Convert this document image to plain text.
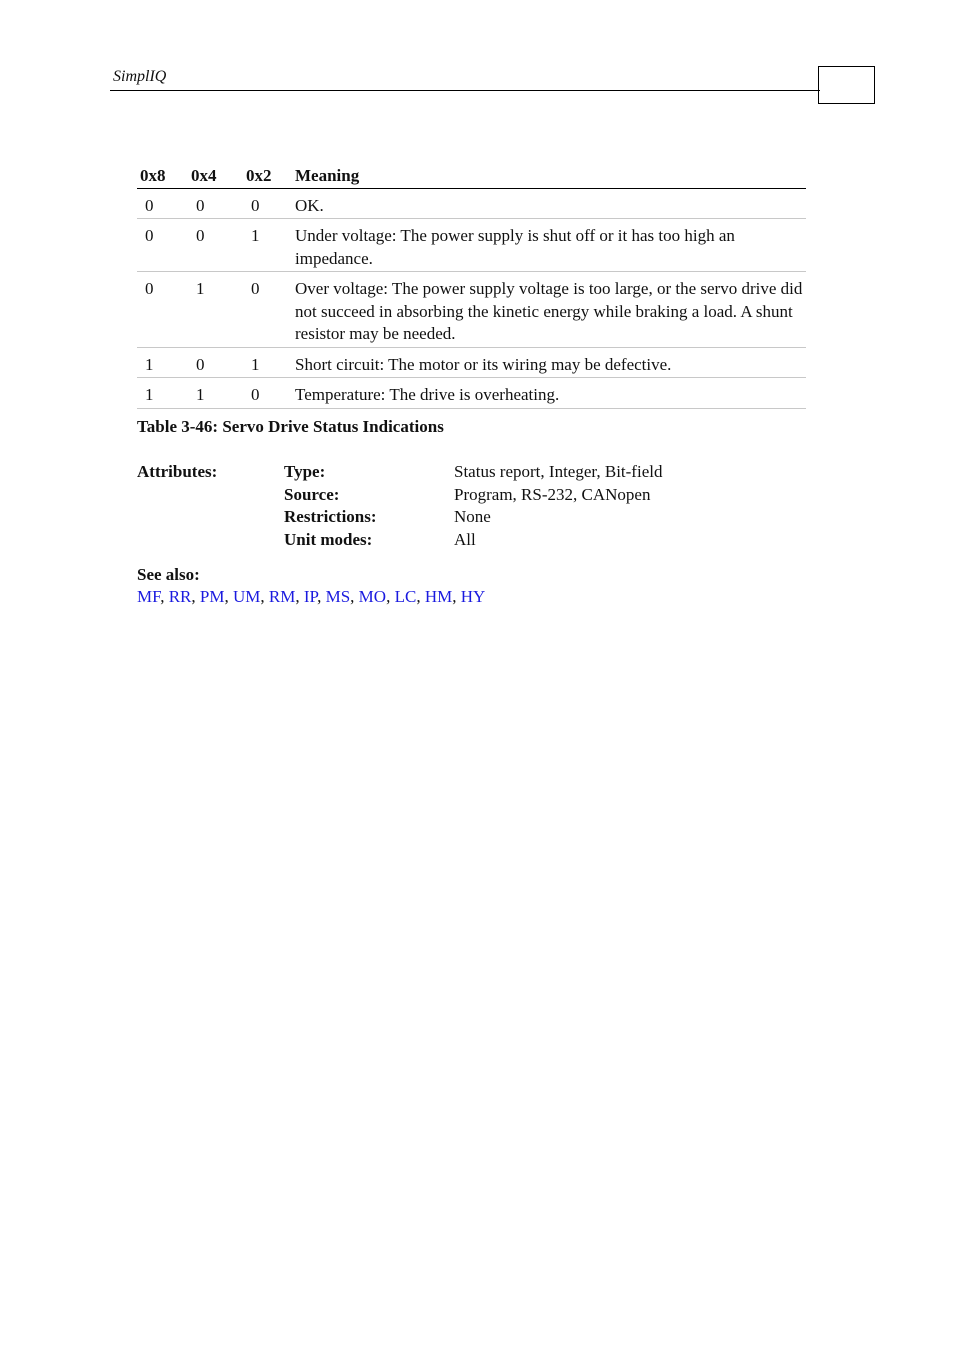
SimplIQ
0x8	0x4	0x2	Meaning
0	0	0	OK.
0	0	1	Under voltage: The power supply is shut off or it has too high an impedance.
0	1	0	Over voltage: The power supply voltage is too large, or the servo drive did not succeed in absorbing the kinetic energy while braking a load. A shunt resistor may be needed.
1	0	1	Short circuit: The motor or its wiring may be defective.
1	1	0	Temperature: The drive is overheating.
Table 3-46: Servo Drive Status Indications
Attributes:	Type:	Status report, Integer, Bit-field
Source:	Program, RS-232, CANopen
Restrictions:	None
Unit modes:	All
See also:
MF, RR, PM, UM, RM, IP, MS, MO, LC, HM, HY
